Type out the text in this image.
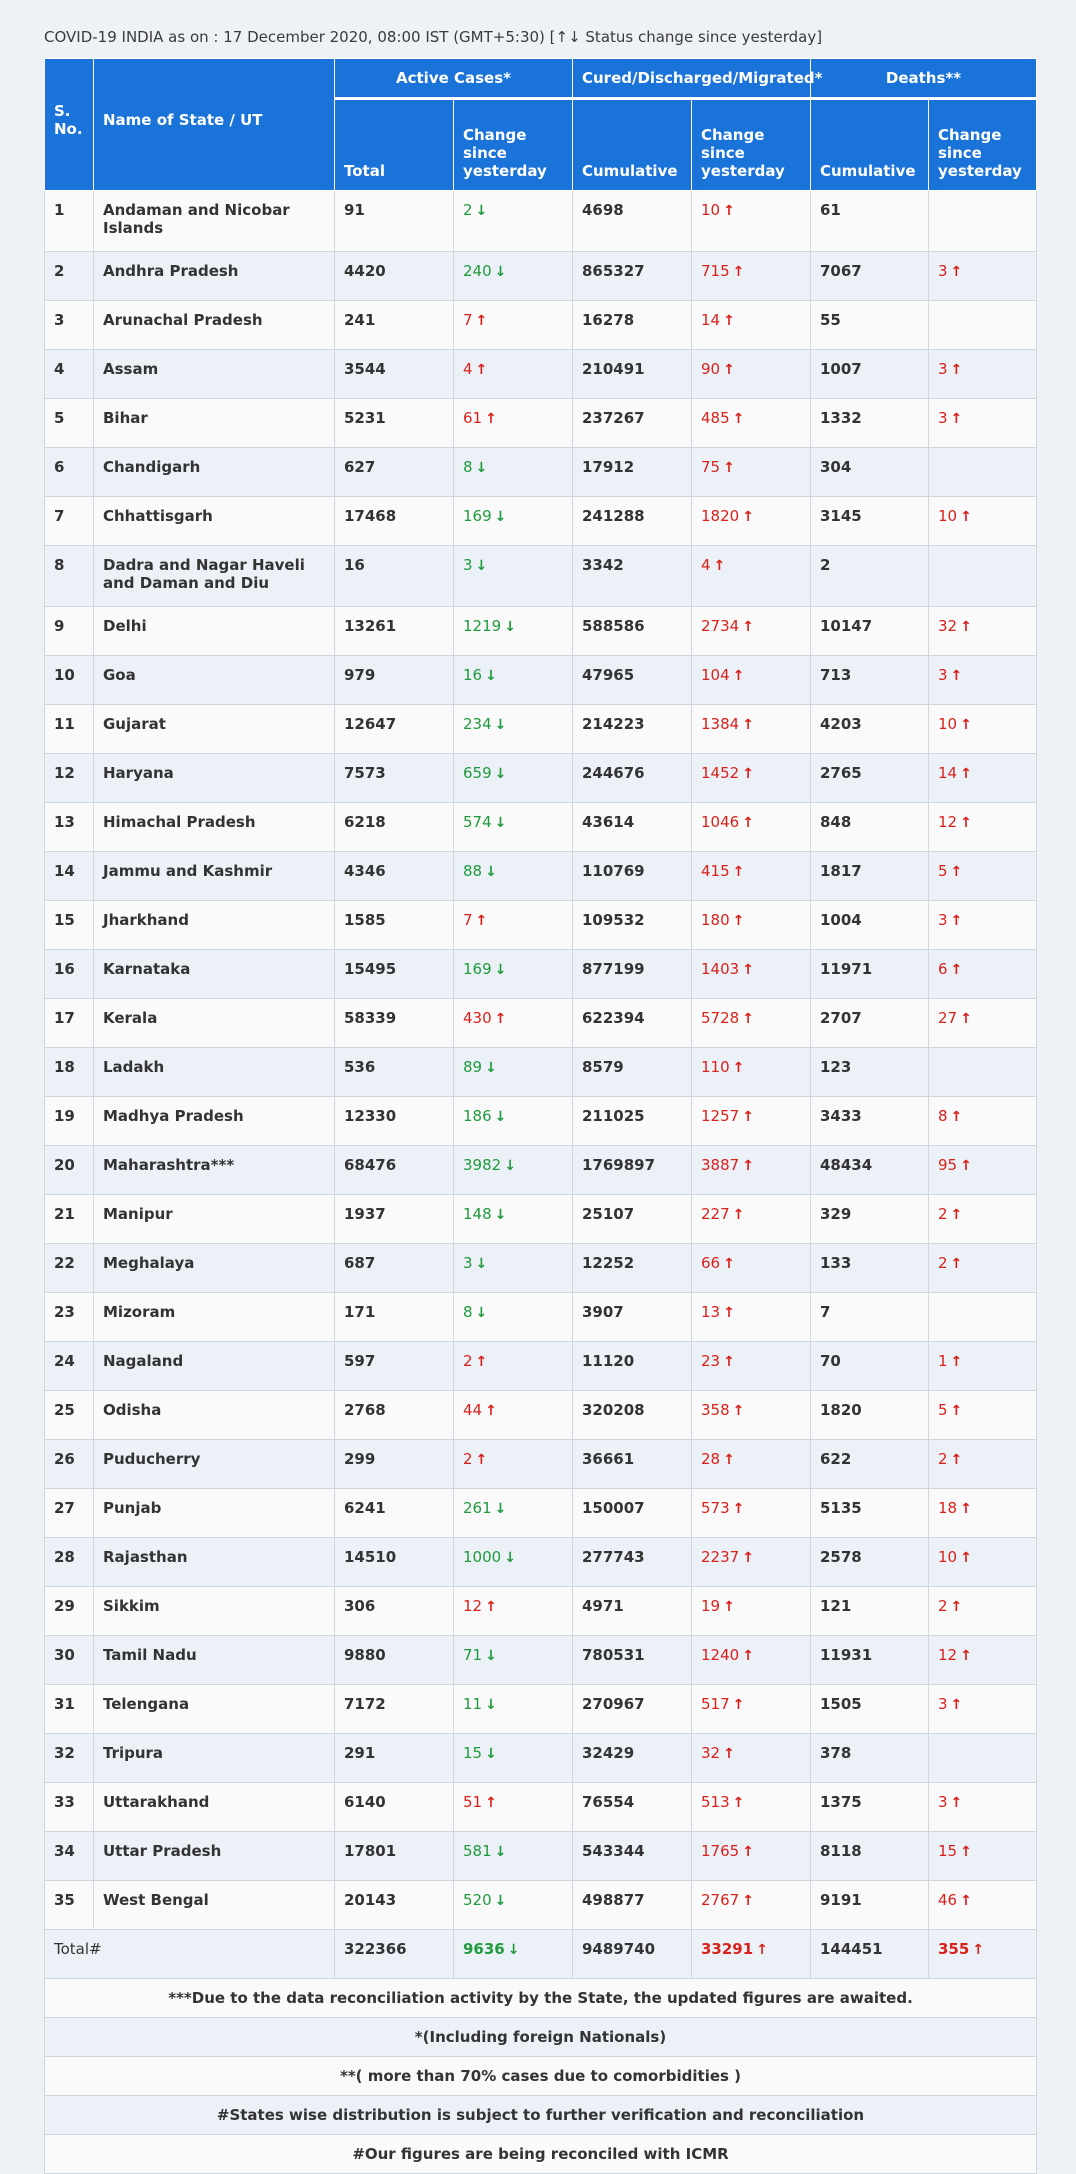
COVID-19 INDIA as on : 17 December 2020, 08:00 IST (GMT+5:30) [↑↓ Status change since yesterday]
S. No.	Name of State / UT	Active Cases*		Cured/Discharged/Migrated*		Deaths**	
		Total	Change since yesterday	Cumulative	Change since yesterday	Cumulative	Change since yesterday
1	Andaman and Nicobar Islands	91	2 ↓	4698	10 ↑	61	
2	Andhra Pradesh	4420	240 ↓	865327	715 ↑	7067	3 ↑
3	Arunachal Pradesh	241	7 ↑	16278	14 ↑	55	
4	Assam	3544	4 ↑	210491	90 ↑	1007	3 ↑
5	Bihar	5231	61 ↑	237267	485 ↑	1332	3 ↑
6	Chandigarh	627	8 ↓	17912	75 ↑	304	
7	Chhattisgarh	17468	169 ↓	241288	1820 ↑	3145	10 ↑
8	Dadra and Nagar Haveli and Daman and Diu	16	3 ↓	3342	4 ↑	2	
9	Delhi	13261	1219 ↓	588586	2734 ↑	10147	32 ↑
10	Goa	979	16 ↓	47965	104 ↑	713	3 ↑
11	Gujarat	12647	234 ↓	214223	1384 ↑	4203	10 ↑
12	Haryana	7573	659 ↓	244676	1452 ↑	2765	14 ↑
13	Himachal Pradesh	6218	574 ↓	43614	1046 ↑	848	12 ↑
14	Jammu and Kashmir	4346	88 ↓	110769	415 ↑	1817	5 ↑
15	Jharkhand	1585	7 ↑	109532	180 ↑	1004	3 ↑
16	Karnataka	15495	169 ↓	877199	1403 ↑	11971	6 ↑
17	Kerala	58339	430 ↑	622394	5728 ↑	2707	27 ↑
18	Ladakh	536	89 ↓	8579	110 ↑	123	
19	Madhya Pradesh	12330	186 ↓	211025	1257 ↑	3433	8 ↑
20	Maharashtra***	68476	3982 ↓	1769897	3887 ↑	48434	95 ↑
21	Manipur	1937	148 ↓	25107	227 ↑	329	2 ↑
22	Meghalaya	687	3 ↓	12252	66 ↑	133	2 ↑
23	Mizoram	171	8 ↓	3907	13 ↑	7	
24	Nagaland	597	2 ↑	11120	23 ↑	70	1 ↑
25	Odisha	2768	44 ↑	320208	358 ↑	1820	5 ↑
26	Puducherry	299	2 ↑	36661	28 ↑	622	2 ↑
27	Punjab	6241	261 ↓	150007	573 ↑	5135	18 ↑
28	Rajasthan	14510	1000 ↓	277743	2237 ↑	2578	10 ↑
29	Sikkim	306	12 ↑	4971	19 ↑	121	2 ↑
30	Tamil Nadu	9880	71 ↓	780531	1240 ↑	11931	12 ↑
31	Telengana	7172	11 ↓	270967	517 ↑	1505	3 ↑
32	Tripura	291	15 ↓	32429	32 ↑	378	
33	Uttarakhand	6140	51 ↑	76554	513 ↑	1375	3 ↑
34	Uttar Pradesh	17801	581 ↓	543344	1765 ↑	8118	15 ↑
35	West Bengal	20143	520 ↓	498877	2767 ↑	9191	46 ↑
Total#		322366	9636 ↓	9489740	33291 ↑	144451	355 ↑
***Due to the data reconciliation activity by the State, the updated figures are awaited.							
*(Including foreign Nationals)							
**( more than 70% cases due to comorbidities )							
#States wise distribution is subject to further verification and reconciliation							
#Our figures are being reconciled with ICMR							
